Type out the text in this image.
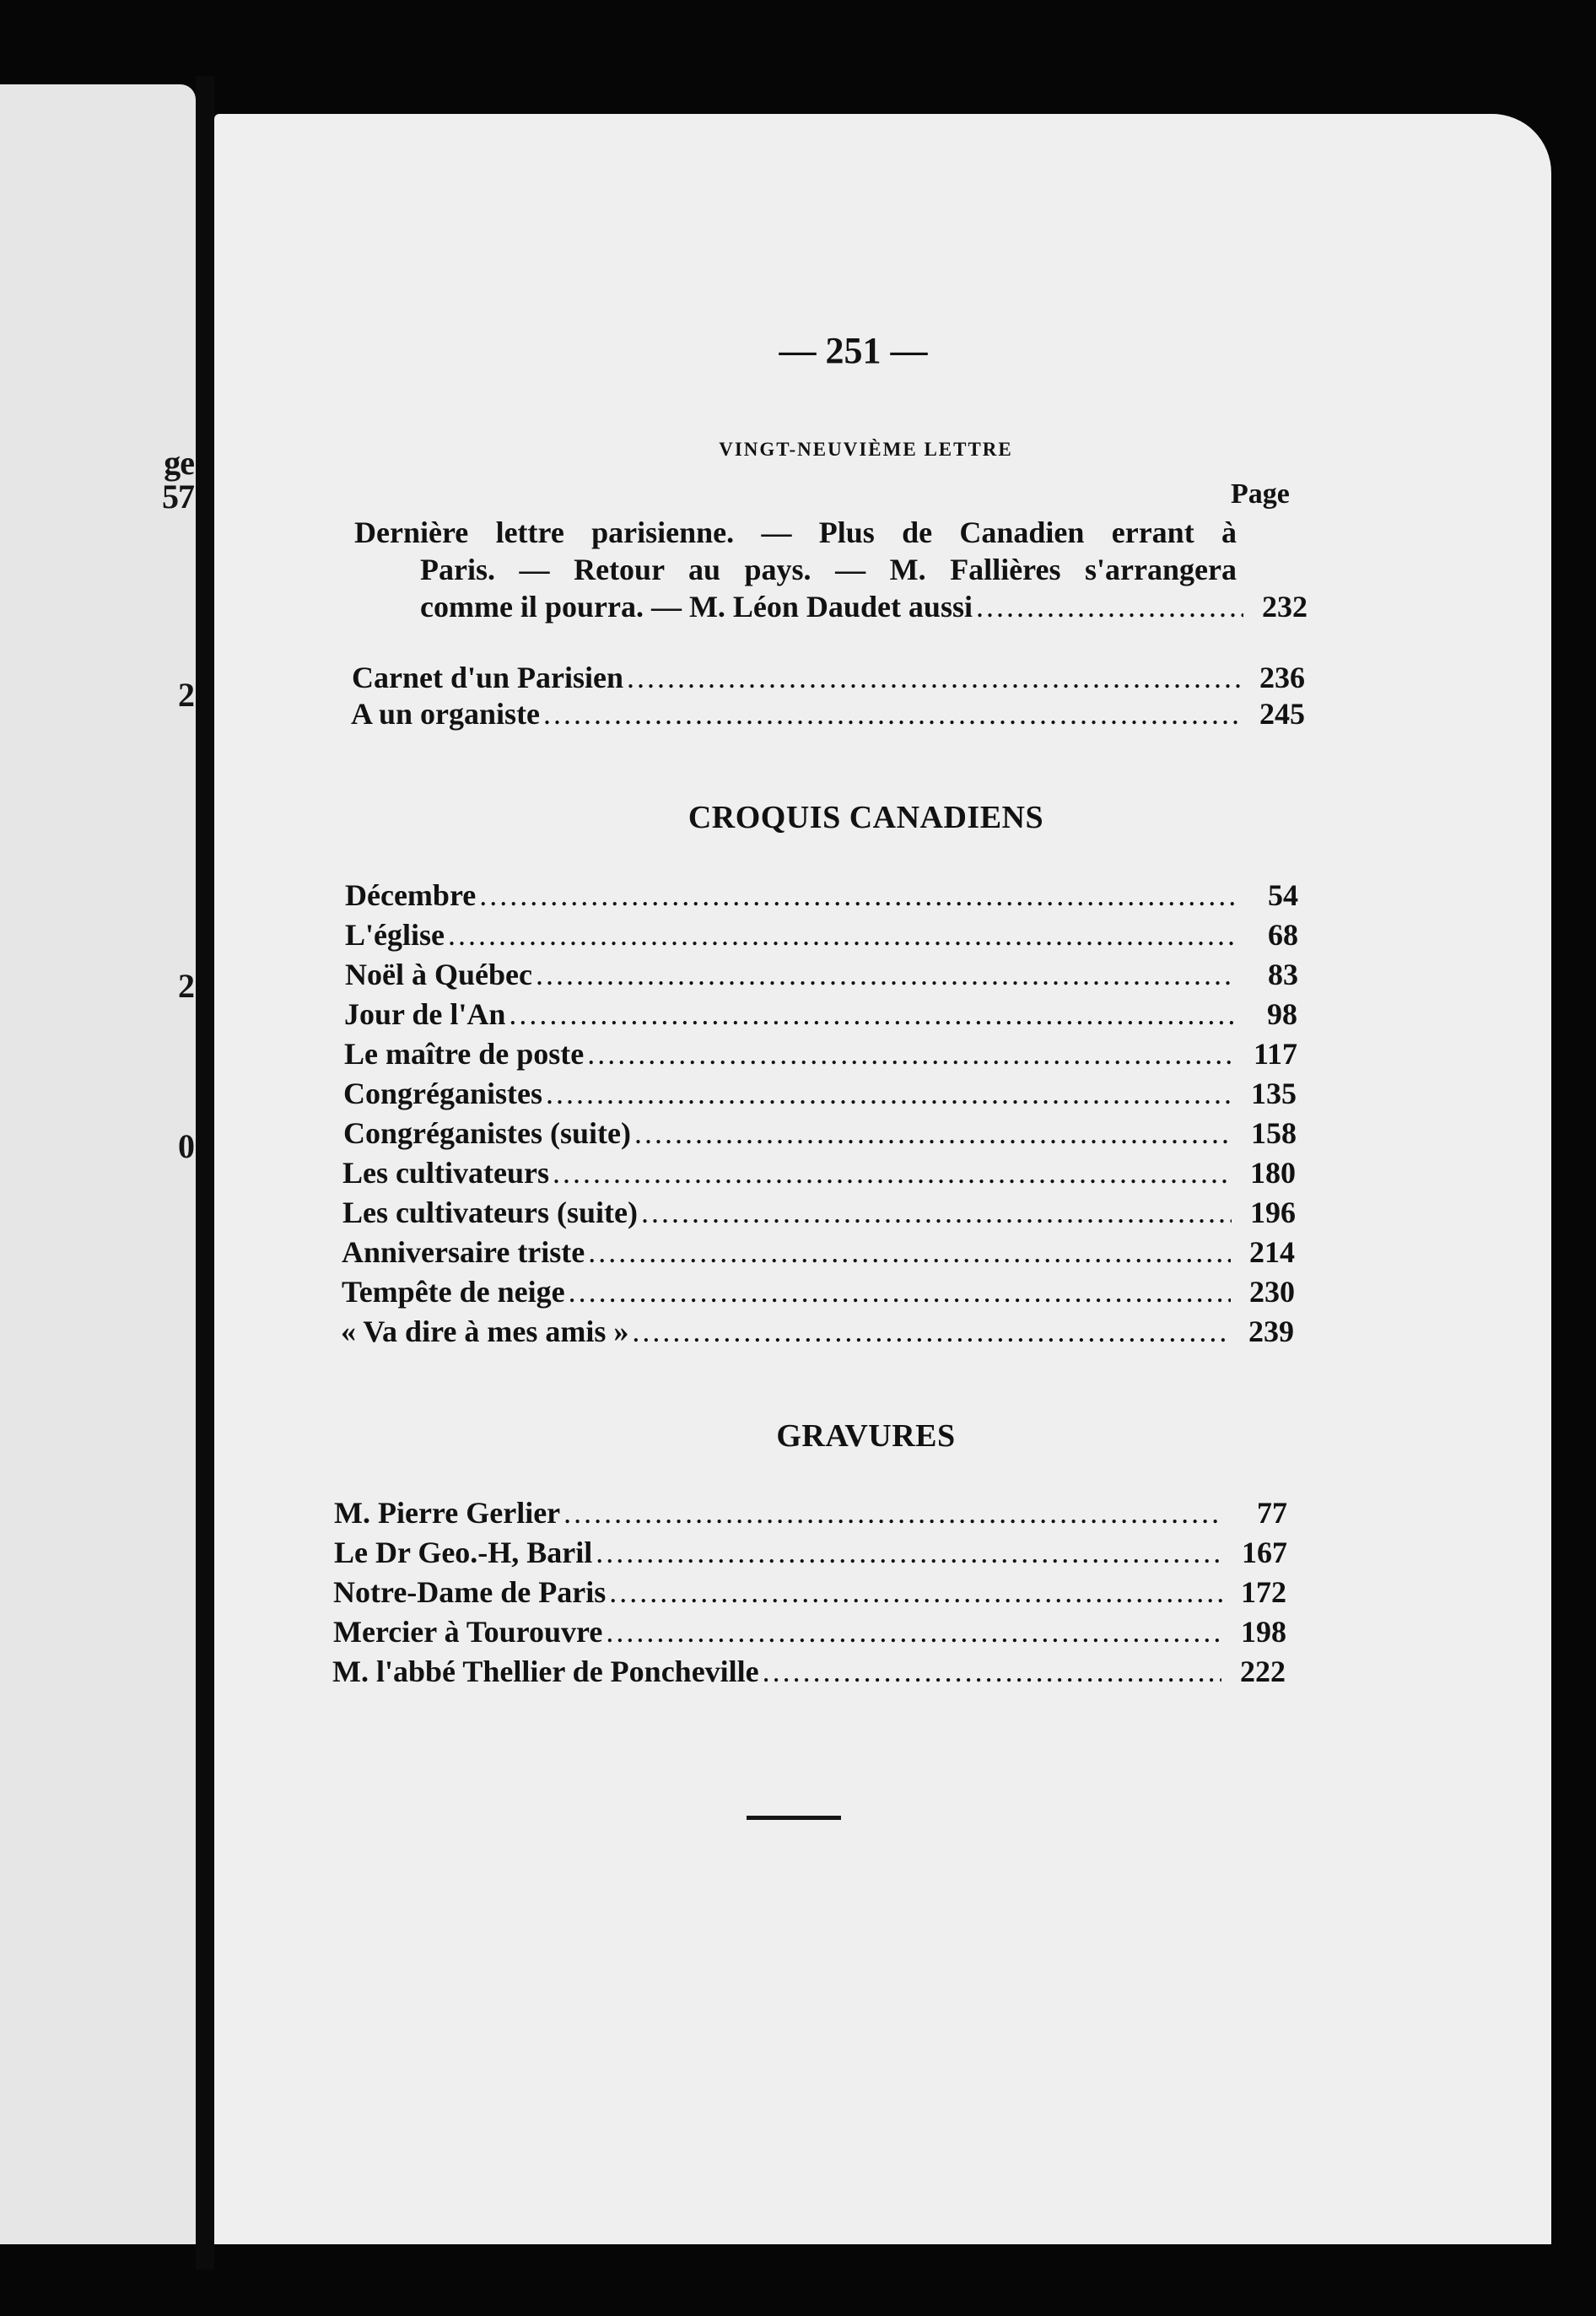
ge
57
2
2
0
— 251 —
VINGT-NEUVIÈME LETTRE
Page
Dernière lettre parisienne. — Plus de Canadien errant à
Paris. — Retour au pays. — M. Fallières s'arrangera
comme il pourra. — M. Léon Daudet aussi .....	232
Carnet d'un Parisien .....	236
A un organiste .....	245
CROQUIS CANADIENS
Décembre .....	54
L'église .....	68
Noël à Québec .....	83
Jour de l'An .....	98
Le maître de poste .....	117
Congréganistes .....	135
Congréganistes (suite) .....	158
Les cultivateurs .....	180
Les cultivateurs (suite) .....	196
Anniversaire triste .....	214
Tempête de neige .....	230
« Va dire à mes amis » .....	239
GRAVURES
M. Pierre Gerlier .....	77
Le Dr Geo.-H, Baril .....	167
Notre-Dame de Paris .....	172
Mercier à Tourouvre .....	198
M. l'abbé Thellier de Poncheville .....	222
